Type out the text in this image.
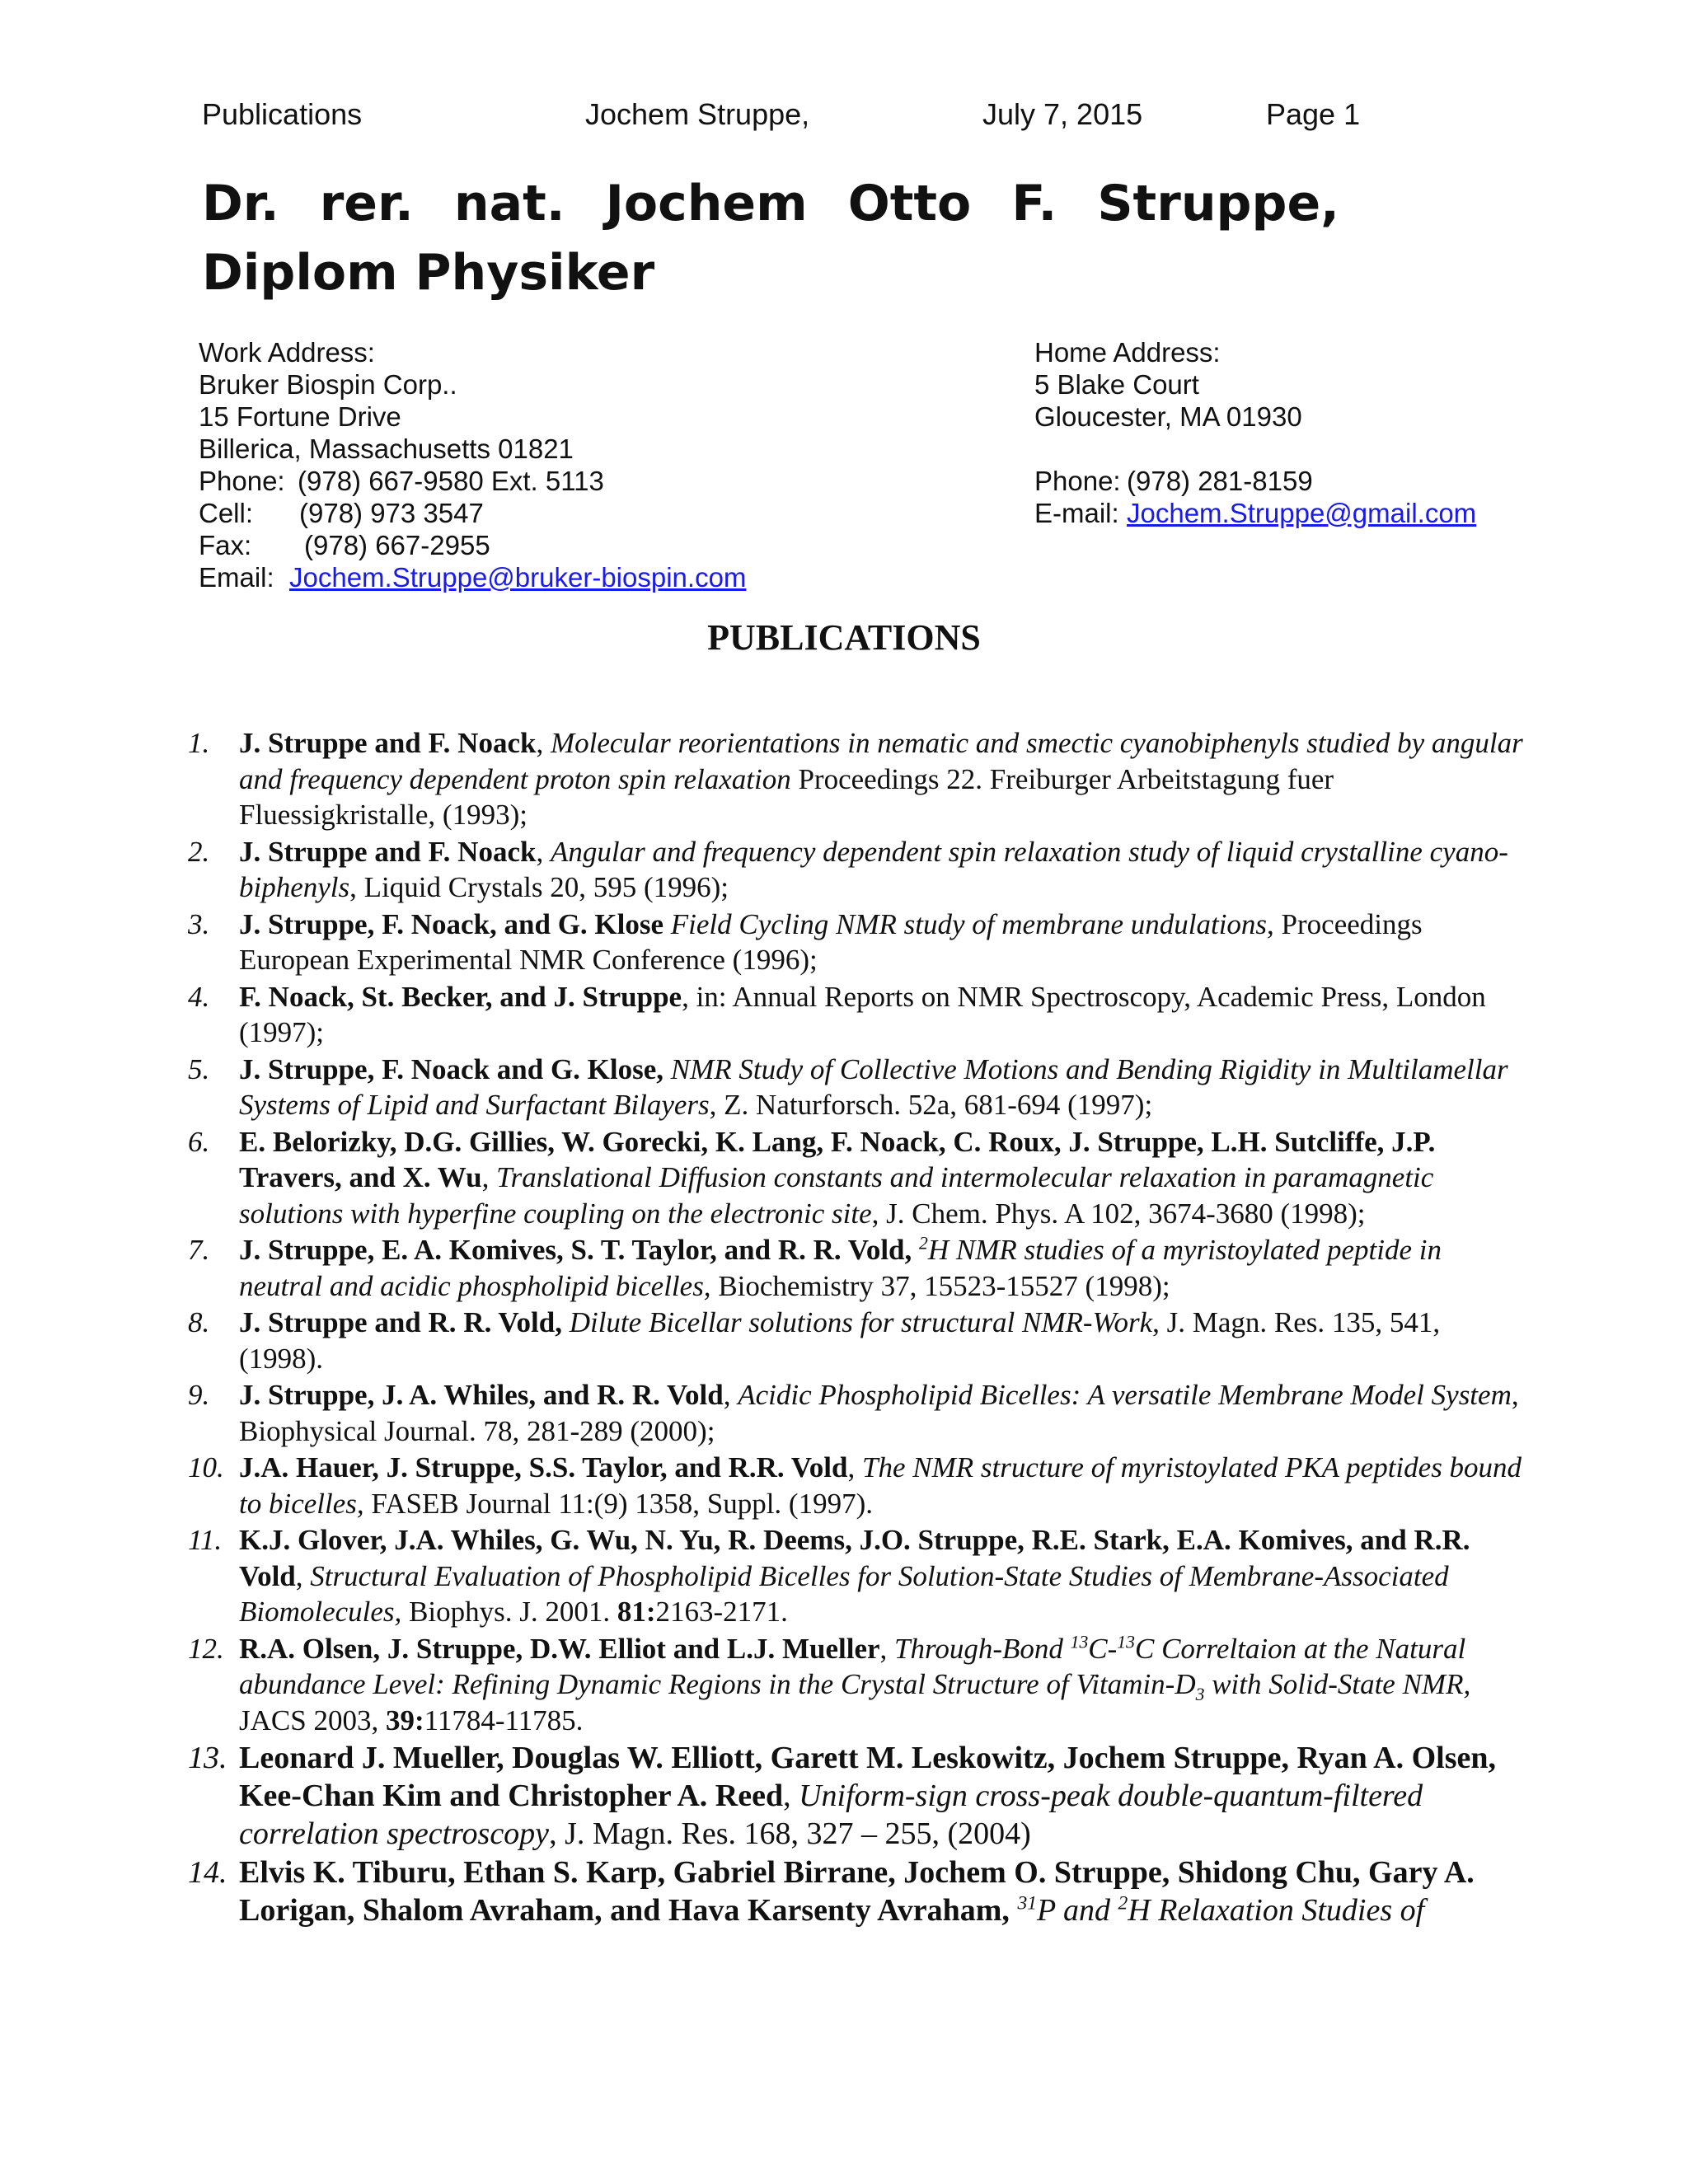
Publications	Jochem Struppe,	July 7, 2015	Page 1
Dr. rer. nat. Jochem Otto F. Struppe,
Diplom Physiker
Work Address:
Bruker Biospin Corp..
15 Fortune Drive
Billerica, Massachusetts 01821
Phone: (978) 667-9580 Ext. 5113
Cell:	(978) 973 3547
Fax:	(978) 667-2955
Email: Jochem.Struppe@bruker-biospin.com
Home Address:
5 Blake Court
Gloucester, MA 01930
Phone: (978) 281-8159
E-mail: Jochem.Struppe@gmail.com
PUBLICATIONS
1. J. Struppe and F. Noack, Molecular reorientations in nematic and smectic cyanobiphenyls studied by angular and frequency dependent proton spin relaxation Proceedings 22. Freiburger Arbeitstagung fuer Fluessigkristalle, (1993);
2. J. Struppe and F. Noack, Angular and frequency dependent spin relaxation study of liquid crystalline cyano-biphenyls, Liquid Crystals 20, 595 (1996);
3. J. Struppe, F. Noack, and G. Klose Field Cycling NMR study of membrane undulations, Proceedings European Experimental NMR Conference (1996);
4. F. Noack, St. Becker, and J. Struppe, in: Annual Reports on NMR Spectroscopy, Academic Press, London (1997);
5. J. Struppe, F. Noack and G. Klose, NMR Study of Collective Motions and Bending Rigidity in Multilamellar Systems of Lipid and Surfactant Bilayers, Z. Naturforsch. 52a, 681-694 (1997);
6. E. Belorizky, D.G. Gillies, W. Gorecki, K. Lang, F. Noack, C. Roux, J. Struppe, L.H. Sutcliffe, J.P. Travers, and X. Wu, Translational Diffusion constants and intermolecular relaxation in paramagnetic solutions with hyperfine coupling on the electronic site, J. Chem. Phys. A 102, 3674-3680 (1998);
7. J. Struppe, E. A. Komives, S. T. Taylor, and R. R. Vold, $^2$H NMR studies of a myristoylated peptide in neutral and acidic phospholipid bicelles, Biochemistry 37, 15523-15527 (1998);
8. J. Struppe and R. R. Vold, Dilute Bicellar solutions for structural NMR-Work, J. Magn. Res. 135, 541, (1998).
9. J. Struppe, J. A. Whiles, and R. R. Vold, Acidic Phospholipid Bicelles: A versatile Membrane Model System, Biophysical Journal. 78, 281-289 (2000);
10. J.A. Hauer, J. Struppe, S.S. Taylor, and R.R. Vold, The NMR structure of myristoylated PKA peptides bound to bicelles, FASEB Journal 11:(9) 1358, Suppl. (1997).
11. K.J. Glover, J.A. Whiles, G. Wu, N. Yu, R. Deems, J.O. Struppe, R.E. Stark, E.A. Komives, and R.R. Vold, Structural Evaluation of Phospholipid Bicelles for Solution-State Studies of Membrane-Associated Biomolecules, Biophys. J. 2001. 81:2163-2171.
12. R.A. Olsen, J. Struppe, D.W. Elliot and L.J. Mueller, Through-Bond $^{13}$C-$^{13}$C Correltaion at the Natural abundance Level: Refining Dynamic Regions in the Crystal Structure of Vitamin-$D_3$ with Solid-State NMR, JACS 2003, 39:11784-11785.
13. Leonard J. Mueller, Douglas W. Elliott, Garett M. Leskowitz, Jochem Struppe, Ryan A. Olsen, Kee-Chan Kim and Christopher A. Reed, Uniform-sign cross-peak double-quantum-filtered correlation spectroscopy, J. Magn. Res. 168, 327 – 255, (2004)
14. Elvis K. Tiburu, Ethan S. Karp, Gabriel Birrane, Jochem O. Struppe, Shidong Chu, Gary A. Lorigan, Shalom Avraham, and Hava Karsenty Avraham, $^{31}$P and $^2$H Relaxation Studies of
